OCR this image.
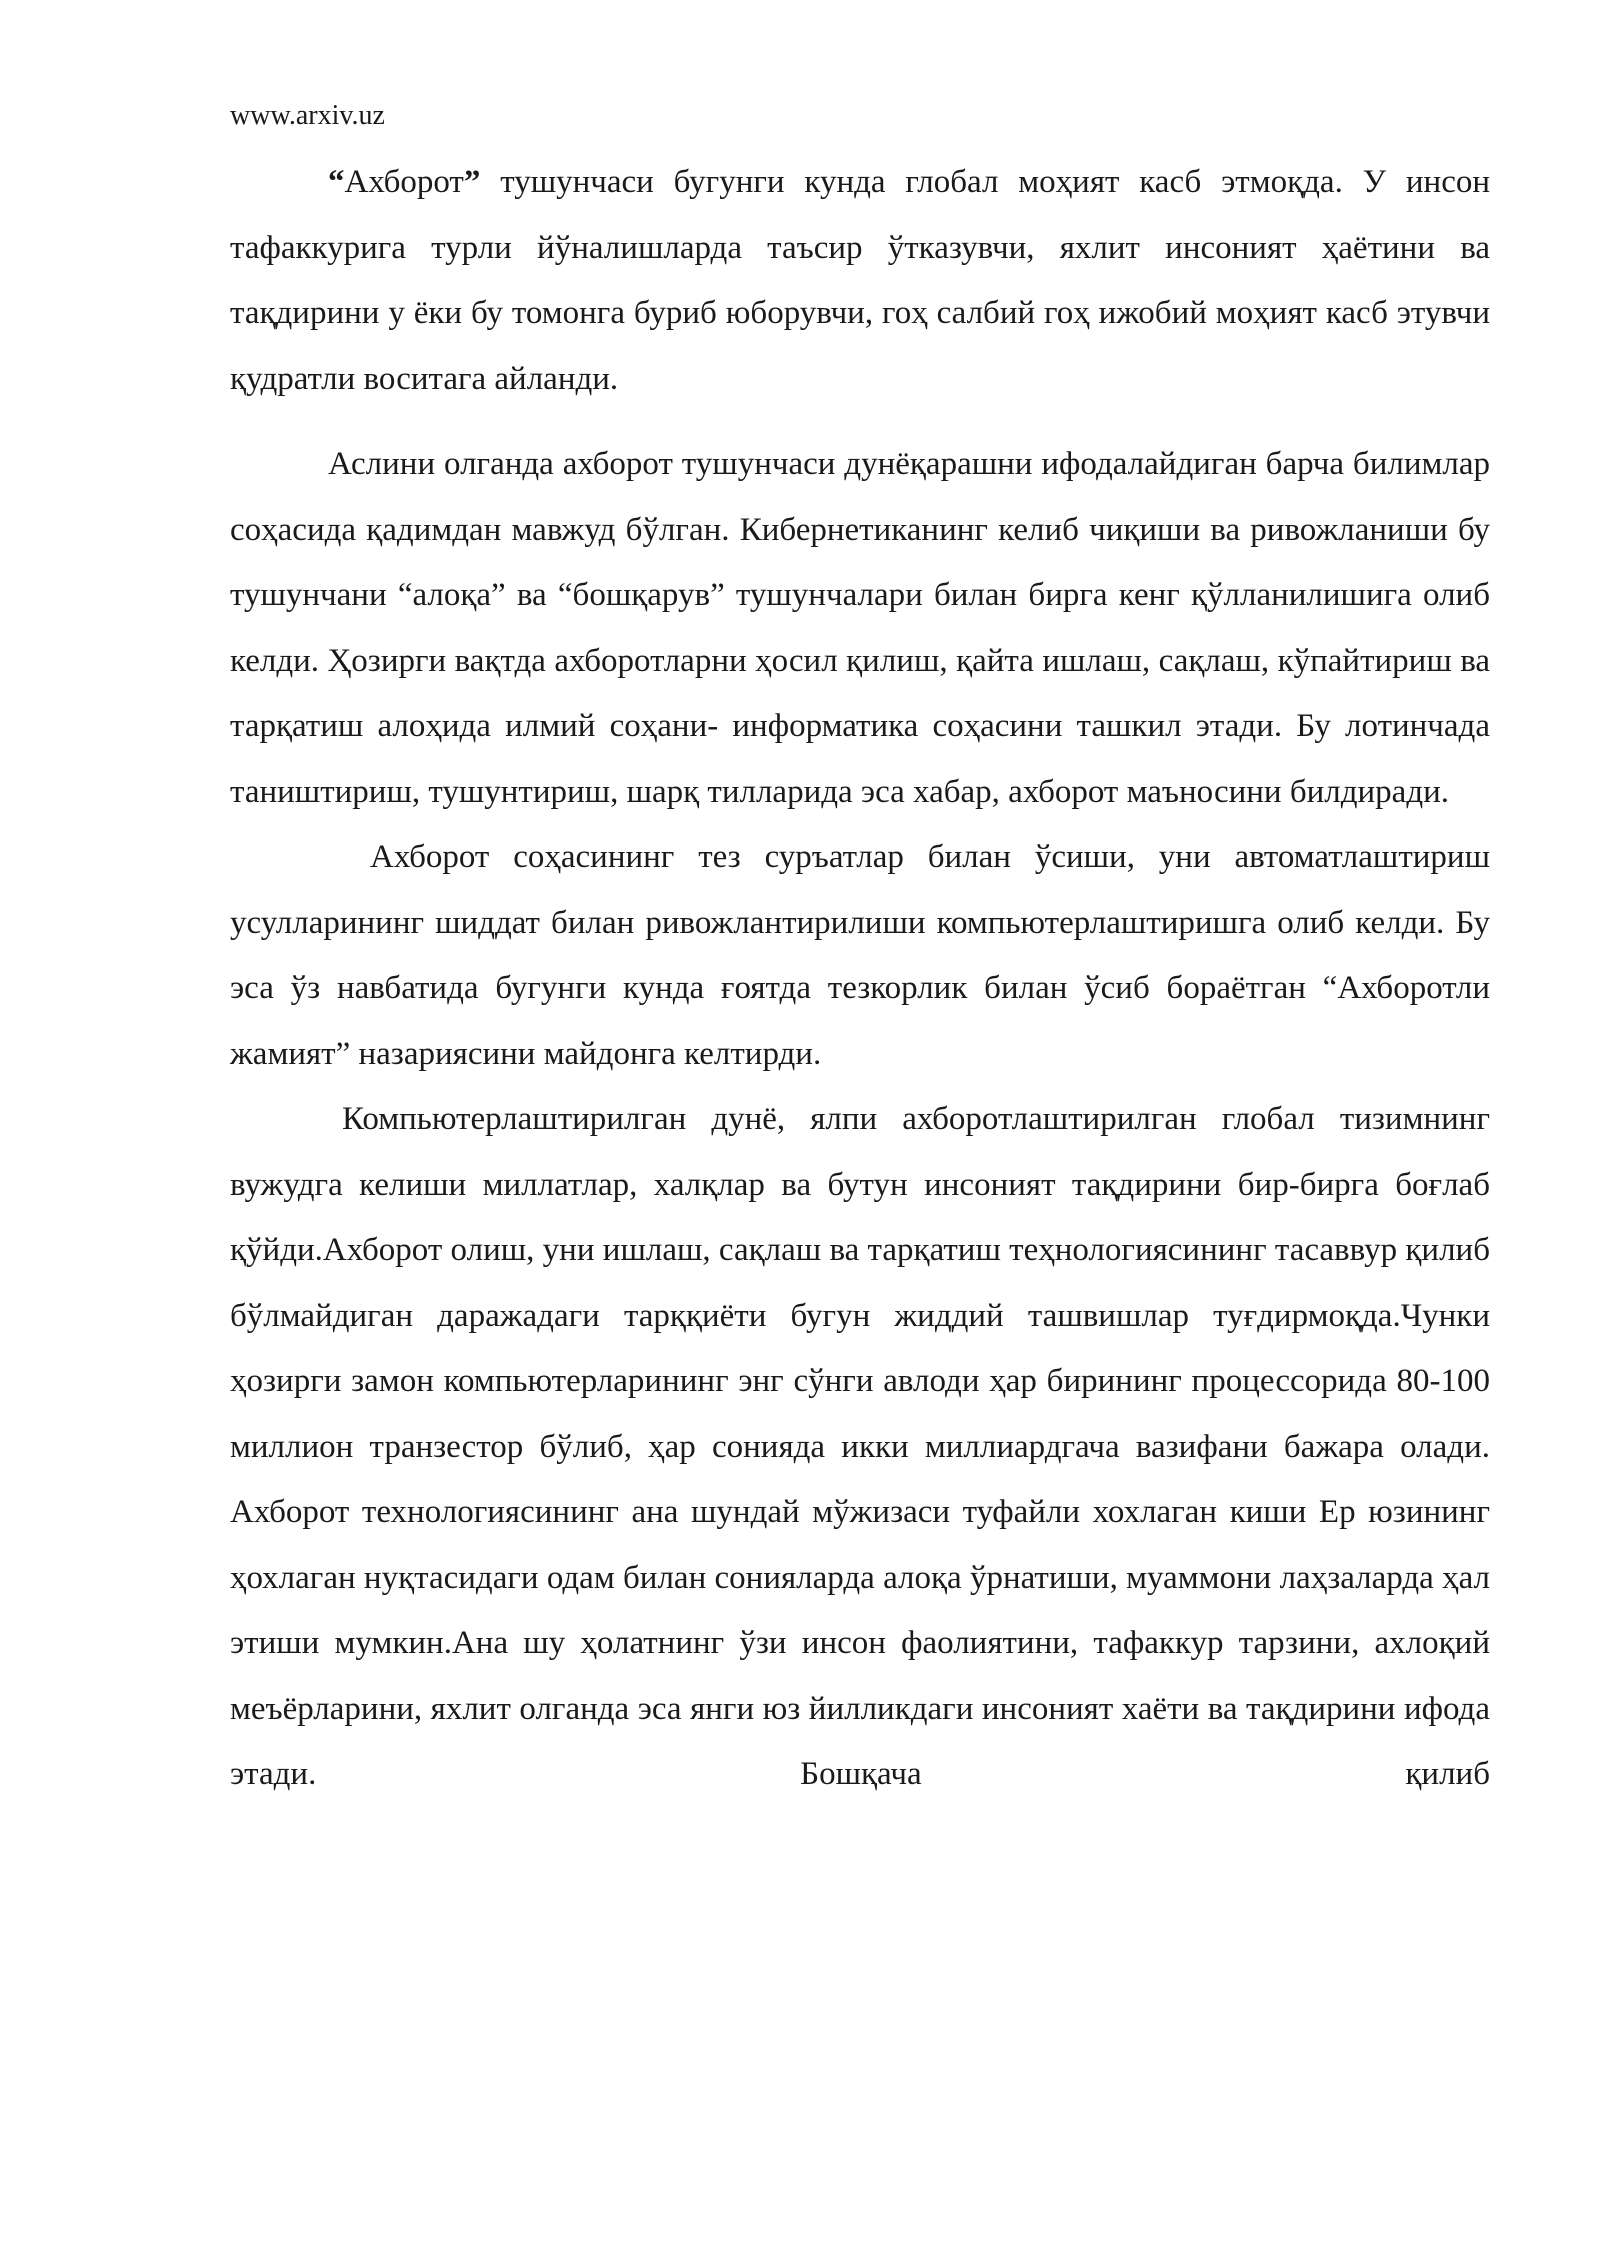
www.arxiv.uz

“Ахборот” тушунчаси бугунги кунда глобал моҳият касб этмоқда. У инсон тафаккурига турли йўналишларда таъсир ўтказувчи, яхлит инсоният ҳаётини ва тақдирини у ёки бу томонга буриб юборувчи, гоҳ салбий гоҳ ижобий моҳият касб этувчи қудратли воситага айланди.

Аслини олганда ахборот тушунчаси дунёқарашни ифодалайдиган барча билимлар соҳасида қадимдан мавжуд бўлган. Кибернетиканинг келиб чиқиши ва ривожланиши бу тушунчани “алоқа” ва “бошқарув” тушунчалари билан бирга кенг қўлланилишига олиб келди. Ҳозирги вақтда ахборотларни ҳосил қилиш, қайта ишлаш, сақлаш, кўпайтириш ва тарқатиш алоҳида илмий соҳани- информатика соҳасини ташкил этади. Бу лотинчада таништириш, тушунтириш, шарқ тилларида эса хабар, ахборот маъносини билдиради.

Ахборот соҳасининг тез суръатлар билан ўсиши, уни автоматлаштириш усулларининг шиддат билан ривожлантирилиши компьютерлаштиришга олиб келди. Бу эса ўз навбатида бугунги кунда ғоятда тезкорлик билан ўсиб бораётган “Ахборотли жамият” назариясини майдонга келтирди.

Компьютерлаштирилган дунё, ялпи ахборотлаштирилган глобал тизимнинг вужудга келиши миллатлар, халқлар ва бутун инсоният тақдирини бир-бирга боғлаб қўйди.Ахборот олиш, уни ишлаш, сақлаш ва тарқатиш теҳнологиясининг тасаввур қилиб бўлмайдиган даражадаги тарққиёти бугун жиддий ташвишлар туғдирмоқда.Чунки ҳозирги замон компьютерларининг энг сўнги авлоди ҳар бирининг процессорида 80-100 миллион транзестор бўлиб, ҳар сонияда икки миллиардгача вазифани бажара олади. Ахборот технологиясининг ана шундай мўжизаси туфайли хохлаган киши Ер юзининг ҳохлаган нуқтасидаги одам билан сонияларда алоқа ўрнатиши, муаммони лаҳзаларда ҳал этиши мумкин.Ана шу ҳолатнинг ўзи инсон фаолиятини, тафаккур тарзини, ахлоқий меъёрларини, яхлит олганда эса янги юз йилликдаги инсоният хаёти ва тақдирини ифода этади. Бошқача қилиб
